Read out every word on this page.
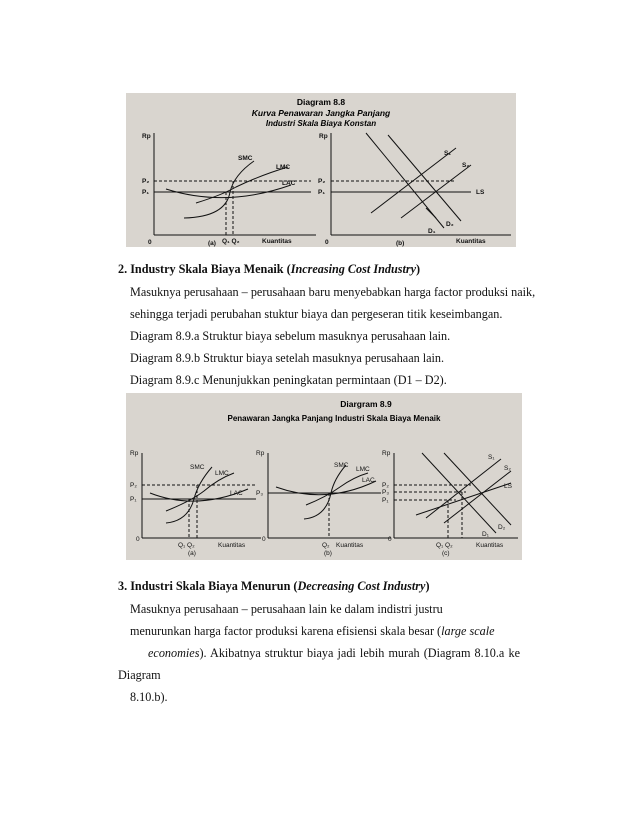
Diagram 8.8
Kurva Penawaran Jangka Panjang
Industri Skala Biaya Konstan
Rp
SMC
LMC
LAC
P₂
P₁
0	Q₁ Q₂	Kuantitas
(a)
Rp
S₁
S₂
P₂
P₁	LS
D₂
D₁
0	Kuantitas
(b)
2. Industry Skala Biaya Menaik (Increasing Cost Industry)
Masuknya perusahaan – perusahaan baru menyebabkan harga factor produksi naik,
sehingga terjadi perubahan stuktur biaya dan pergeseran titik keseimbangan.
Diagram 8.9.a Struktur biaya sebelum masuknya perusahaan lain.
Diagram 8.9.b Struktur biaya setelah masuknya perusahaan lain.
Diagram 8.9.c Menunjukkan peningkatan permintaan (D1 – D2).
Diargram 8.9
Penawaran Jangka Panjang Industri Skala Biaya Menaik
Rp
SMC
LMC
LAC
P₂
P₁
0
Q₁ Q₂	Kuantitas
(a)
Rp
SMC
LMC
LAC
P₃
0
Q₂ Kuantitas
(b)
Rp
S₁
S₂
LS
P₂
P₃
P₁
D₂
D₁
0
Q₁ Q₂	Kuantitas
(c)
3. Industri Skala Biaya Menurun (Decreasing Cost Industry)
Masuknya perusahaan – perusahaan lain ke dalam indistri justru
menurunkan harga factor produksi karena efisiensi skala besar (large scale
economies). Akibatnya struktur biaya jadi lebih murah (Diagram 8.10.a ke
Diagram
8.10.b).
